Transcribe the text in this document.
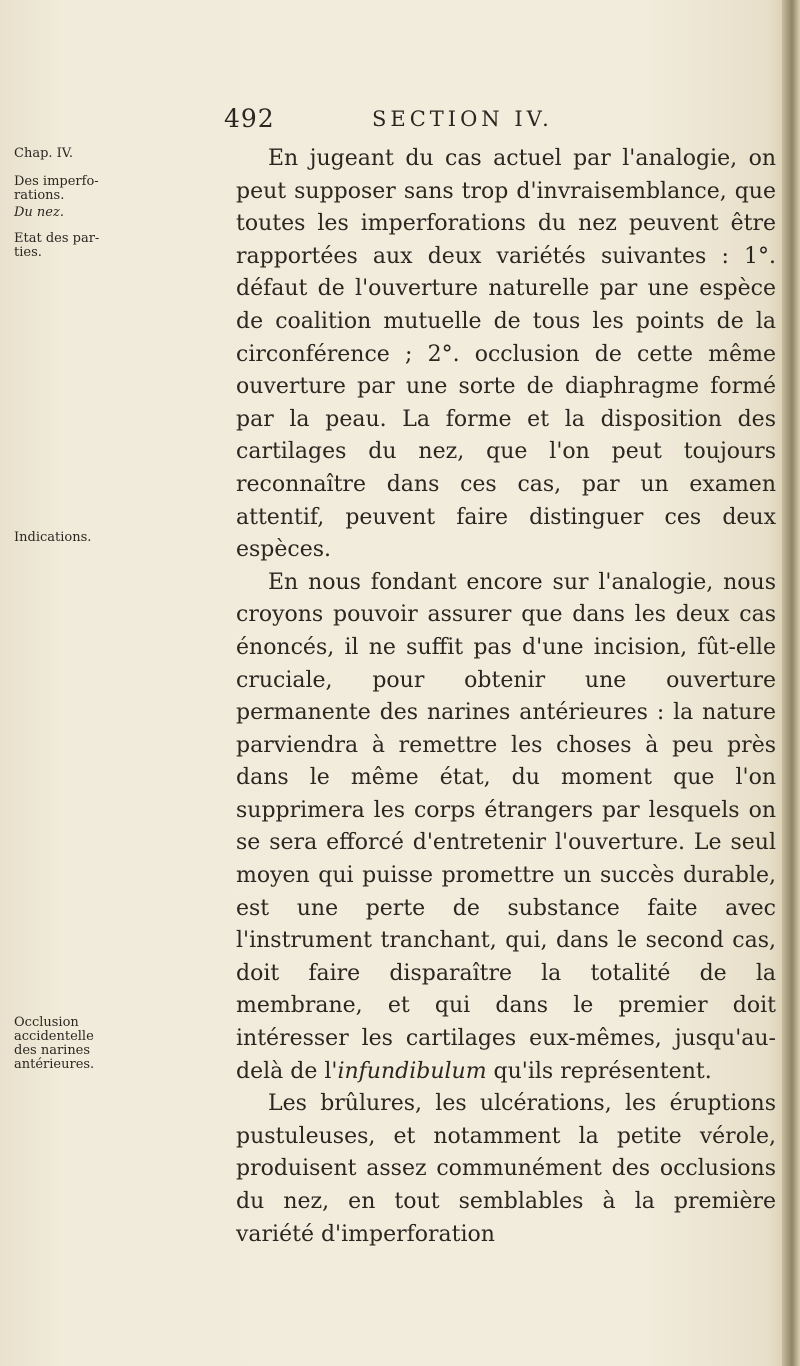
492	SECTION IV.
Chap. IV.
Des imperfo-rations.
Du nez.
Etat des par-ties.
Indications.
Occlusion accidentelle des narines antérieures.

En jugeant du cas actuel par l'analogie, on peut supposer sans trop d'invraisemblance, que toutes les imperforations du nez peuvent être rapportées aux deux variétés suivantes : 1°. défaut de l'ouverture naturelle par une espèce de coalition mutuelle de tous les points de la circonférence ; 2°. occlusion de cette même ouverture par une sorte de diaphragme formé par la peau. La forme et la disposition des cartilages du nez, que l'on peut toujours reconnaître dans ces cas, par un examen attentif, peuvent faire distinguer ces deux espèces.

En nous fondant encore sur l'analogie, nous croyons pouvoir assurer que dans les deux cas énoncés, il ne suffit pas d'une incision, fût-elle cruciale, pour obtenir une ouverture permanente des narines antérieures : la nature parviendra à remettre les choses à peu près dans le même état, du moment que l'on supprimera les corps étrangers par lesquels on se sera efforcé d'entretenir l'ouverture. Le seul moyen qui puisse promettre un succès durable, est une perte de substance faite avec l'instrument tranchant, qui, dans le second cas, doit faire disparaître la totalité de la membrane, et qui dans le premier doit intéresser les cartilages eux-mêmes, jusqu'au-delà de l'infundibulum qu'ils représentent.

Les brûlures, les ulcérations, les éruptions pustuleuses, et notamment la petite vérole, produisent assez communément des occlusions du nez, en tout semblables à la première variété d'imperforation
